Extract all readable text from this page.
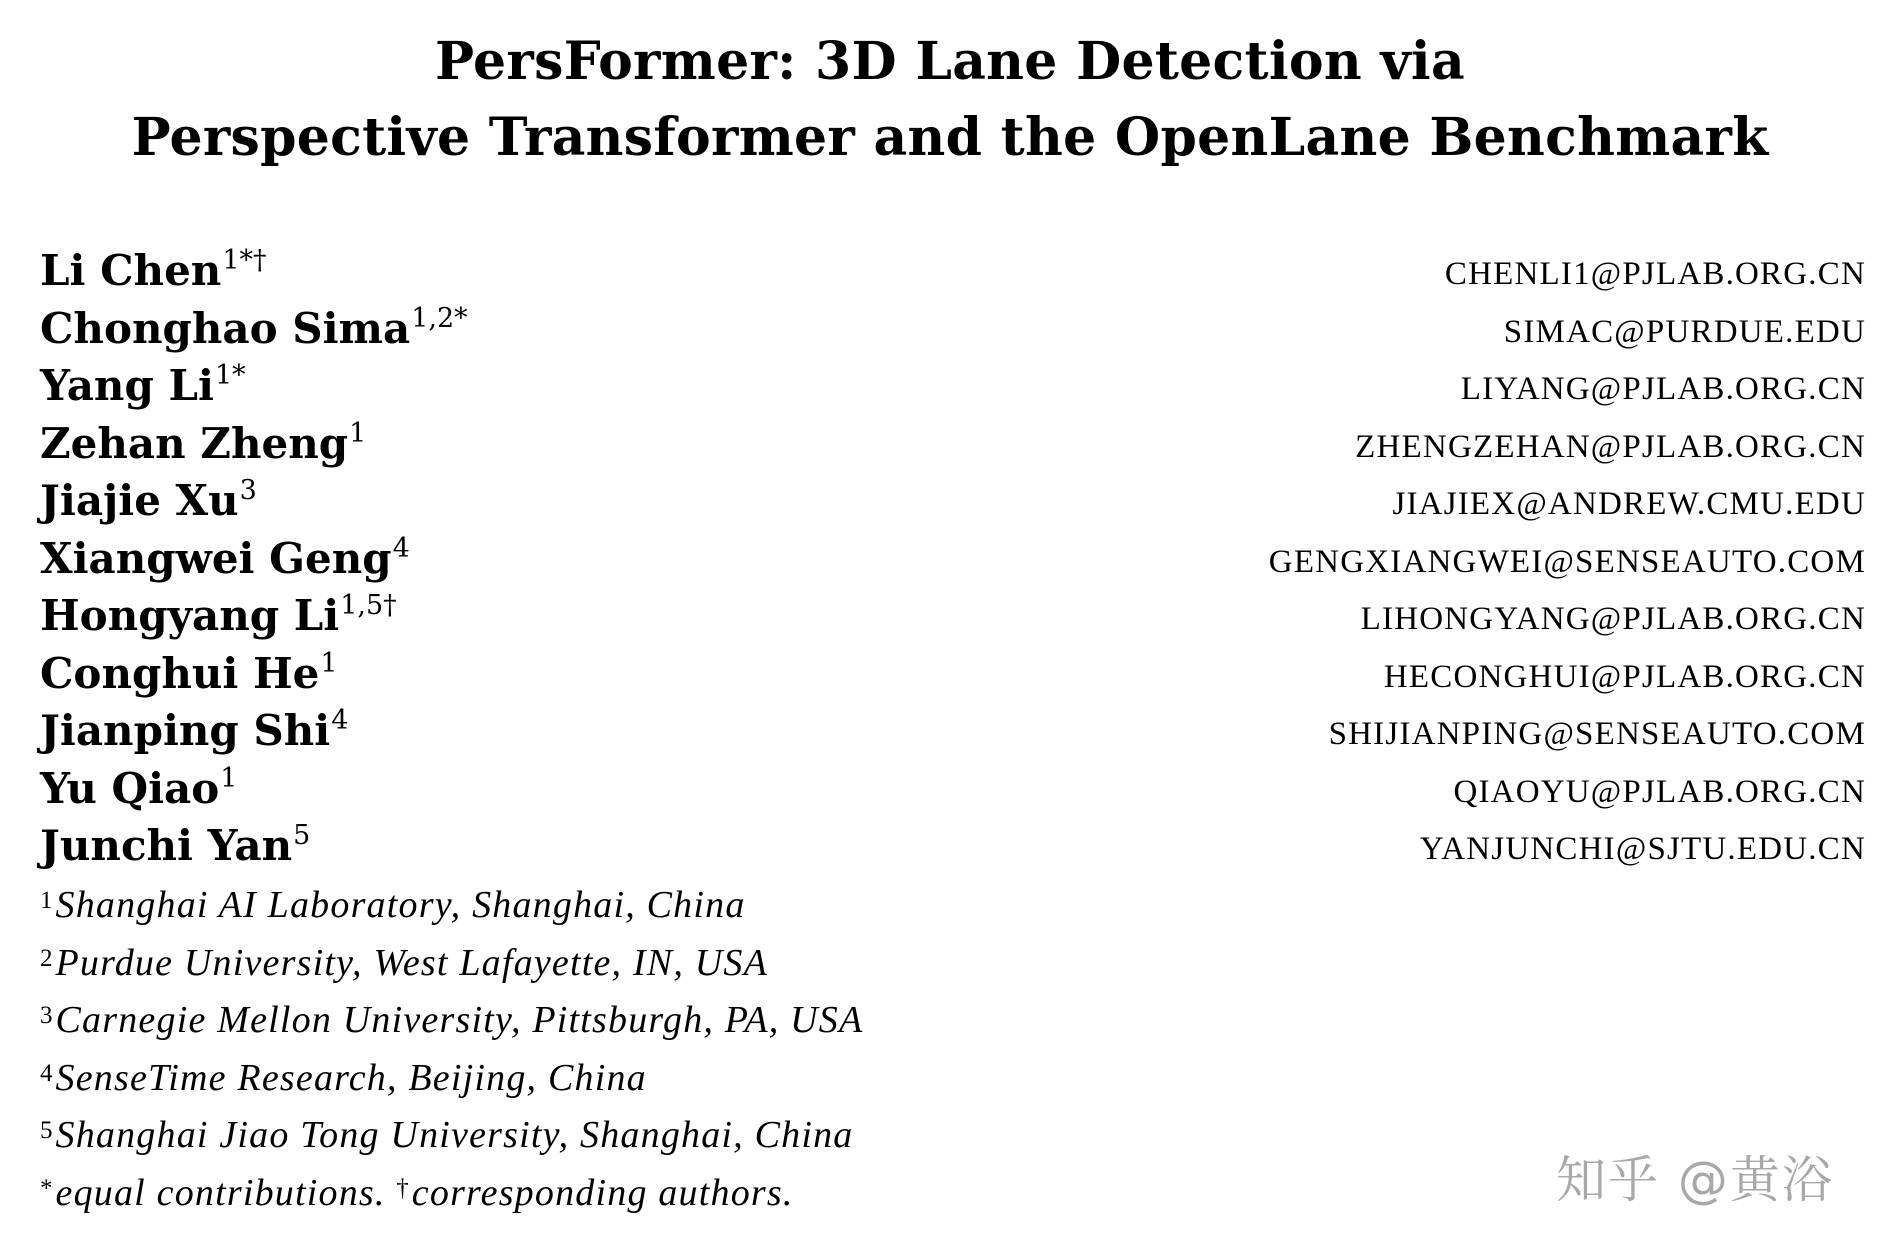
PersFormer: 3D Lane Detection via
Perspective Transformer and the OpenLane Benchmark
Li Chen$^{1*\dagger}$	CHENLI1@PJLAB.ORG.CN
Chonghao Sima$^{1,2*}$	SIMAC@PURDUE.EDU
Yang $Li^{1*}$	LIYANG@PJLAB.ORG.CN
Zehan Zheng$^1$	ZHENGZEHAN@PJLAB.ORG.CN
Jiajie Xu$^3$	JIAJIEX@ANDREW.CMU.EDU
Xiangwei Geng$^4$	GENGXIANGWEI@SENSEAUTO.COM
Hongyang $Li^{1,5\dagger}$	LIHONGYANG@PJLAB.ORG.CN
Conghui He$^1$	HECONGHUI@PJLAB.ORG.CN
Jianping Shi$^4$	SHIJIANPING@SENSEAUTO.COM
Yu Qiao$^1$	QIAOYU@PJLAB.ORG.CN
Junchi Yan$^5$	YANJUNCHI@SJTU.EDU.CN
$^1$Shanghai AI Laboratory, Shanghai, China
$^2$Purdue University, West Lafayette, IN, USA
$^3$Carnegie Mellon University, Pittsburgh, PA, USA
$^4$SenseTime Research, Beijing, China
$^5$Shanghai Jiao Tong University, Shanghai, China
*equal contributions. †corresponding authors.	知乎 @黄浴
